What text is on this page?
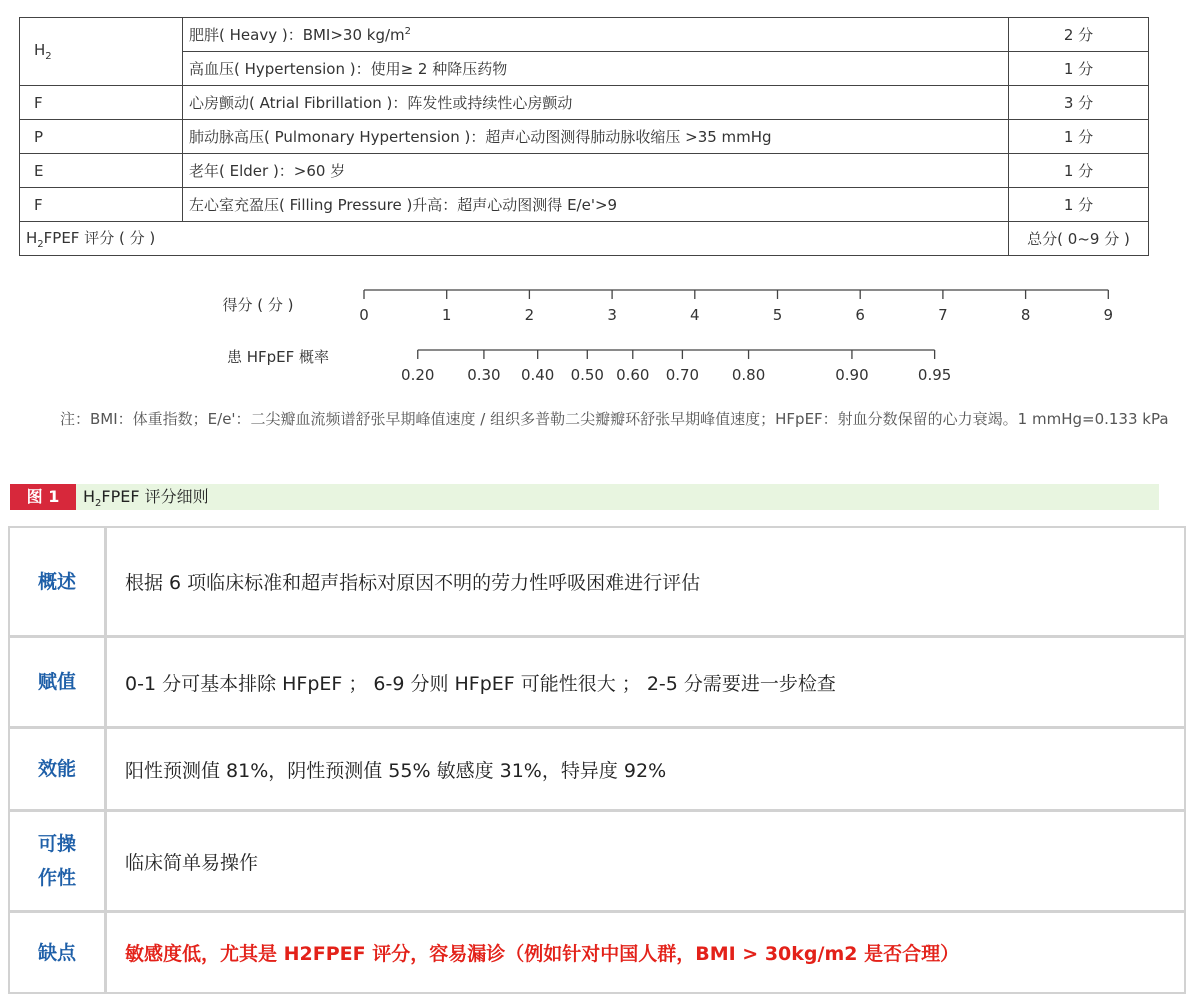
$H_2$	肥胖( Heavy )：BMI>30 $kg/m^2$	2 分
	高血压( Hypertension )：使用≥ 2 种降压药物	1 分
F	心房颤动( Atrial Fibrillation )：阵发性或持续性心房颤动	3 分
P	肺动脉高压( Pulmonary Hypertension )：超声心动图测得肺动脉收缩压 >35 mmHg	1 分
E	老年( Elder )：>60 岁	1 分
F	左心室充盈压( Filling Pressure )升高：超声心动图测得 E/e'>9	1 分
$H_2FPEF$ 评分 ( 分 )		总分( 0~9 分 )
得分 ( 分 )
0	1	2	3	4	5	6	7	8	9
患 HFpEF 概率
0.20 0.30 0.40 0.50 0.60 0.70 0.80	0.90	0.95
注：BMI：体重指数；E/e'：二尖瓣血流频谱舒张早期峰值速度 / 组织多普勒二尖瓣瓣环舒张早期峰值速度；HFpEF：射血分数保留的心力衰竭。1 mmHg=0.133 kPa
图 1	$H_2FPEF$ 评分细则
概述	根据 6 项临床标准和超声指标对原因不明的劳力性呼吸困难进行评估

赋值	0-1 分可基本排除 HFpEF ； 6-9 分则 HFpEF 可能性很大 ； 2-5 分需要进一步检查

效能	阳性预测值 81%，阴性预测值 55% 敏感度 31%，特异度 92%

可操
作性	临床简单易操作

缺点	敏感度低，尤其是 H2FPEF 评分，容易漏诊（例如针对中国人群，BMI > 30kg/m2 是否合理）
